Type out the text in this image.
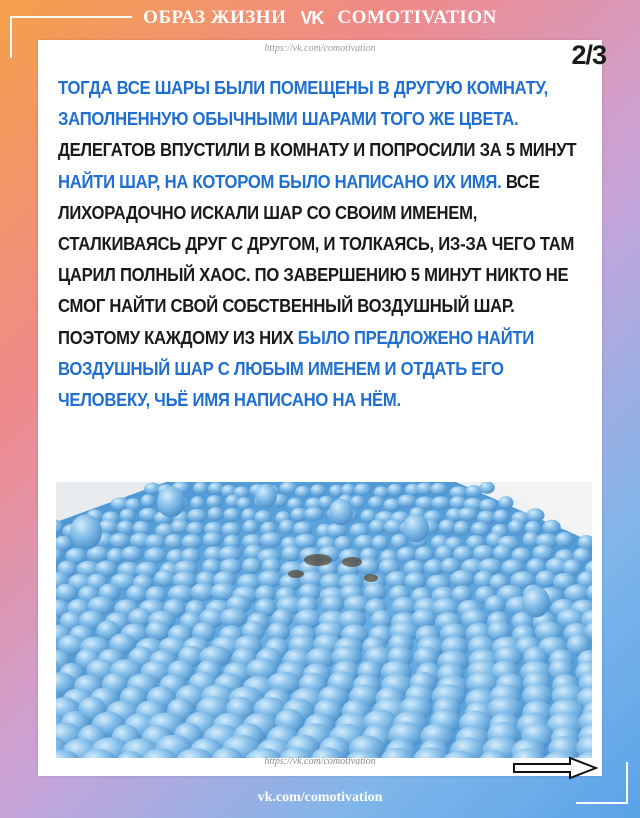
ОБРАЗ ЖИЗНИ VK COMOTIVATION
https://vk.com/comotivation	2/3
ТОГДА ВСЕ ШАРЫ БЫЛИ ПОМЕЩЕНЫ В ДРУГУЮ КОМНАТУ, ЗАПОЛНЕННУЮ ОБЫЧНЫМИ ШАРАМИ ТОГО ЖЕ ЦВЕТА. ДЕЛЕГАТОВ ВПУСТИЛИ В КОМНАТУ И ПОПРОСИЛИ ЗА 5 МИНУТ НАЙТИ ШАР, НА КОТОРОМ БЫЛО НАПИСАНО ИХ ИМЯ. ВСЕ ЛИХОРАДОЧНО ИСКАЛИ ШАР СО СВОИМ ИМЕНЕМ, СТАЛКИВАЯСЬ ДРУГ С ДРУГОМ, И ТОЛКАЯСЬ, ИЗ-ЗА ЧЕГО ТАМ ЦАРИЛ ПОЛНЫЙ ХАОС. ПО ЗАВЕРШЕНИЮ 5 МИНУТ НИКТО НЕ СМОГ НАЙТИ СВОЙ СОБСТВЕННЫЙ ВОЗДУШНЫЙ ШАР. ПОЭТОМУ КАЖДОМУ ИЗ НИХ БЫЛО ПРЕДЛОЖЕНО НАЙТИ ВОЗДУШНЫЙ ШАР С ЛЮБЫМ ИМЕНЕМ И ОТДАТЬ ЕГО ЧЕЛОВЕКУ, ЧЬЁ ИМЯ НАПИСАНО НА НЁМ.
https://vk.com/comotivation
vk.com/comotivation
